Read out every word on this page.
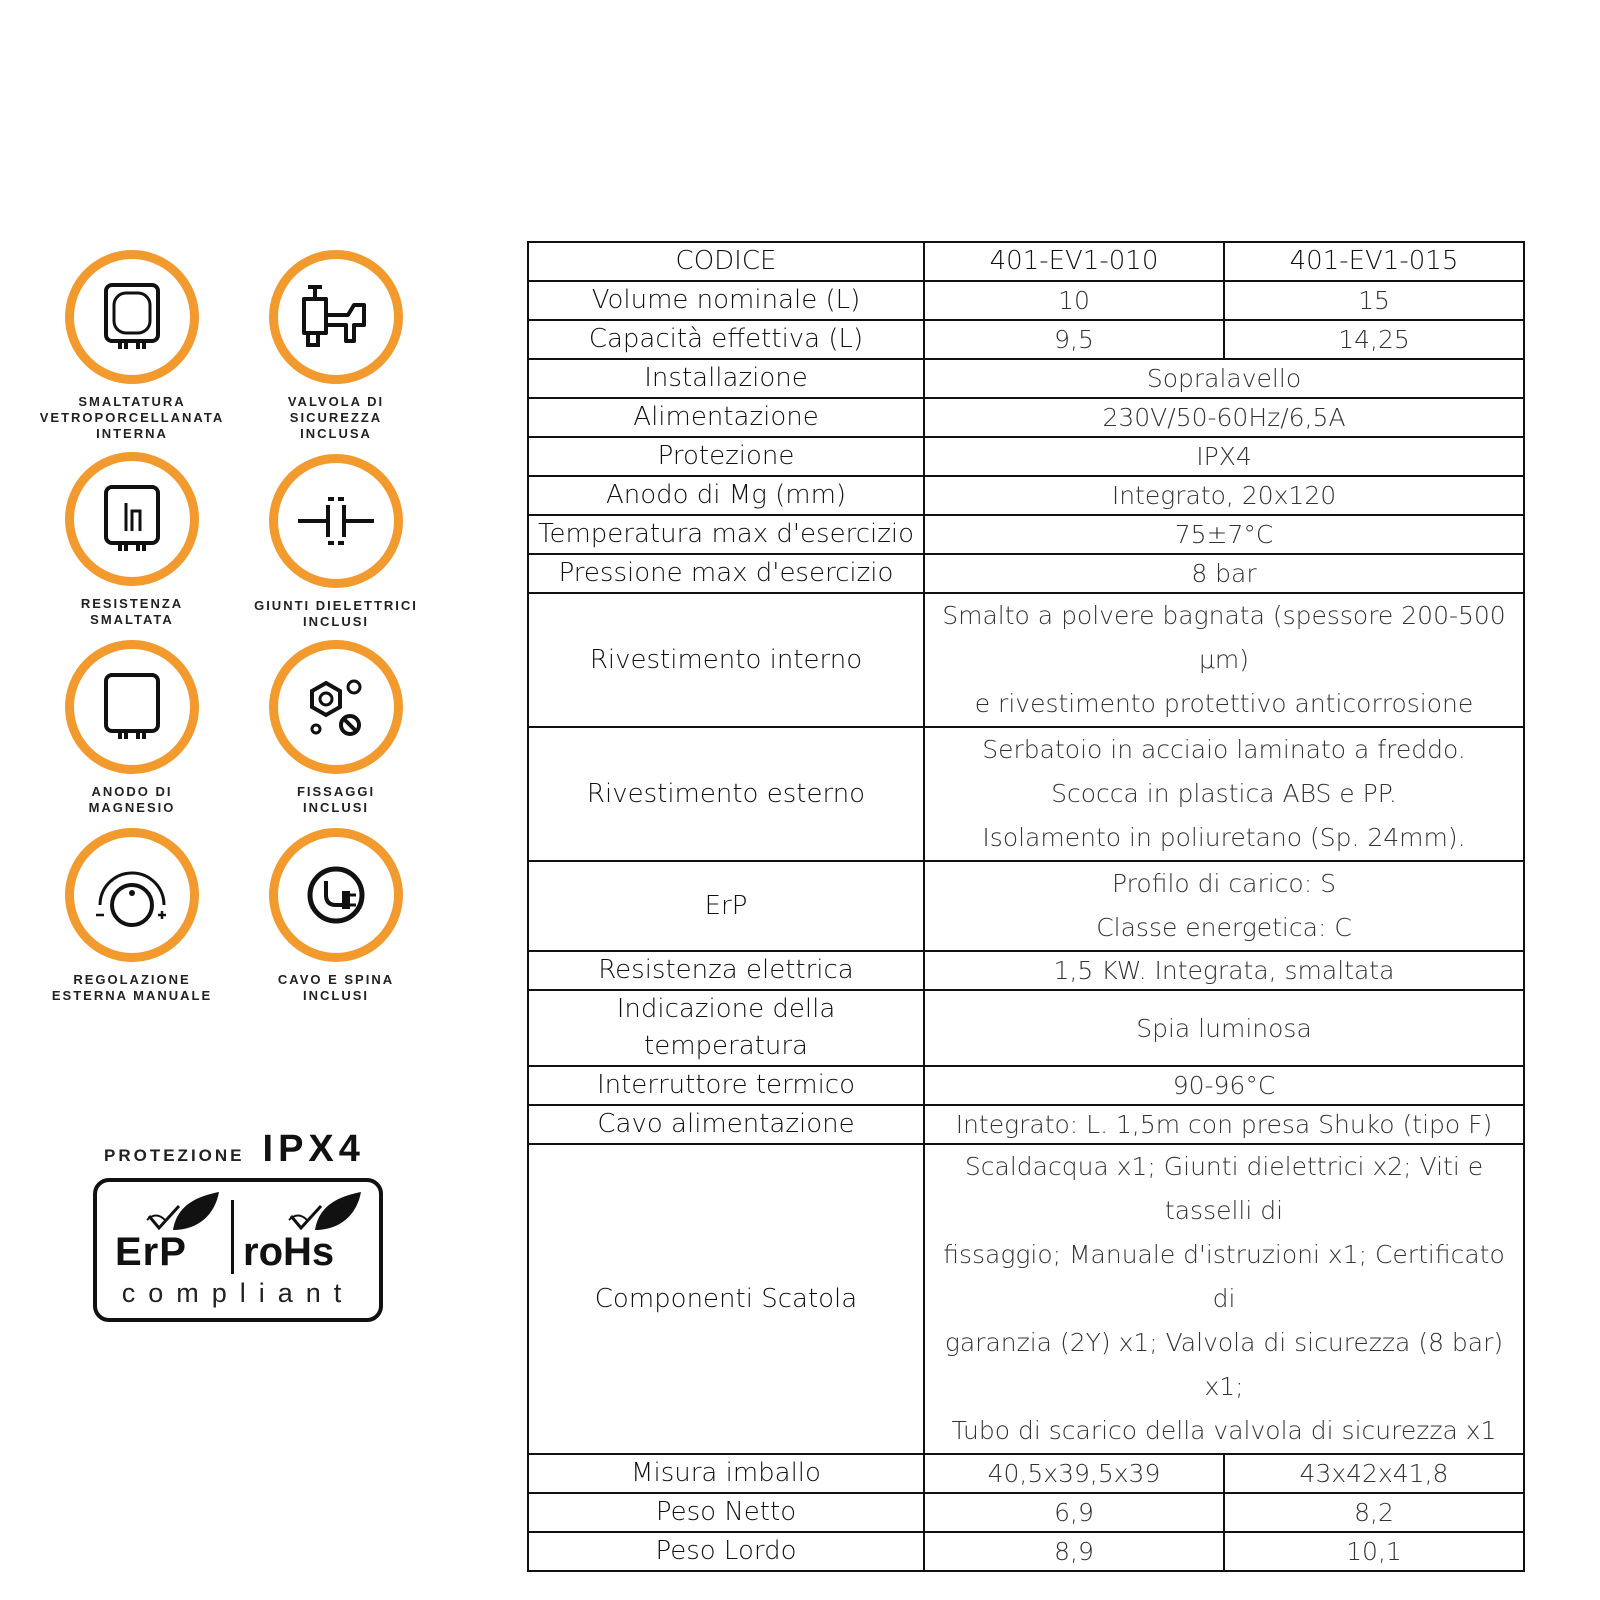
SMALTATURA
VETROPORCELLANATA
INTERNA
VALVOLA DI
SICUREZZA
INCLUSA
RESISTENZA
SMALTATA
GIUNTI DIELETTRICI
INCLUSI
ANODO DI
MAGNESIO
FISSAGGI
INCLUSI
REGOLAZIONE
ESTERNA MANUALE
CAVO E SPINA
INCLUSI
PROTEZIONE IPX4
ErP roHs
compliant
CODICE	401-EV1-010	401-EV1-015
Volume nominale (L)	10	15
Capacità effettiva (L)	9,5	14,25
Installazione	Sopralavello	
Alimentazione	230V/50-60Hz/6,5A	
Protezione	IPX4	
Anodo di Mg (mm)	Integrato, 20x120	
Temperatura max d'esercizio	75±7°C	
Pressione max d'esercizio	8 bar	
Rivestimento interno	Smalto a polvere bagnata (spessore 200-500 μm)
e rivestimento protettivo anticorrosione	

Rivestimento esterno	Serbatoio in acciaio laminato a freddo.
Scocca in plastica ABS e PP.
Isolamento in poliuretano (Sp. 24mm).	

ErP	Profilo di carico: S
Classe energetica: C	

Resistenza elettrica	1,5 KW. Integrata, smaltata	
Indicazione della temperatura	Spia luminosa	
Interruttore termico	90-96°C	
Cavo alimentazione	Integrato: L. 1,5m con presa Shuko (tipo F)	
Componenti Scatola	Scaldacqua x1; Giunti dielettrici x2; Viti e tasselli di
fissaggio; Manuale d'istruzioni x1; Certificato di
garanzia (2Y) x1; Valvola di sicurezza (8 bar) x1;
Tubo di scarico della valvola di sicurezza x1	

Misura imballo	40,5x39,5x39	43x42x41,8
Peso Netto	6,9	8,2
Peso Lordo	8,9	10,1
